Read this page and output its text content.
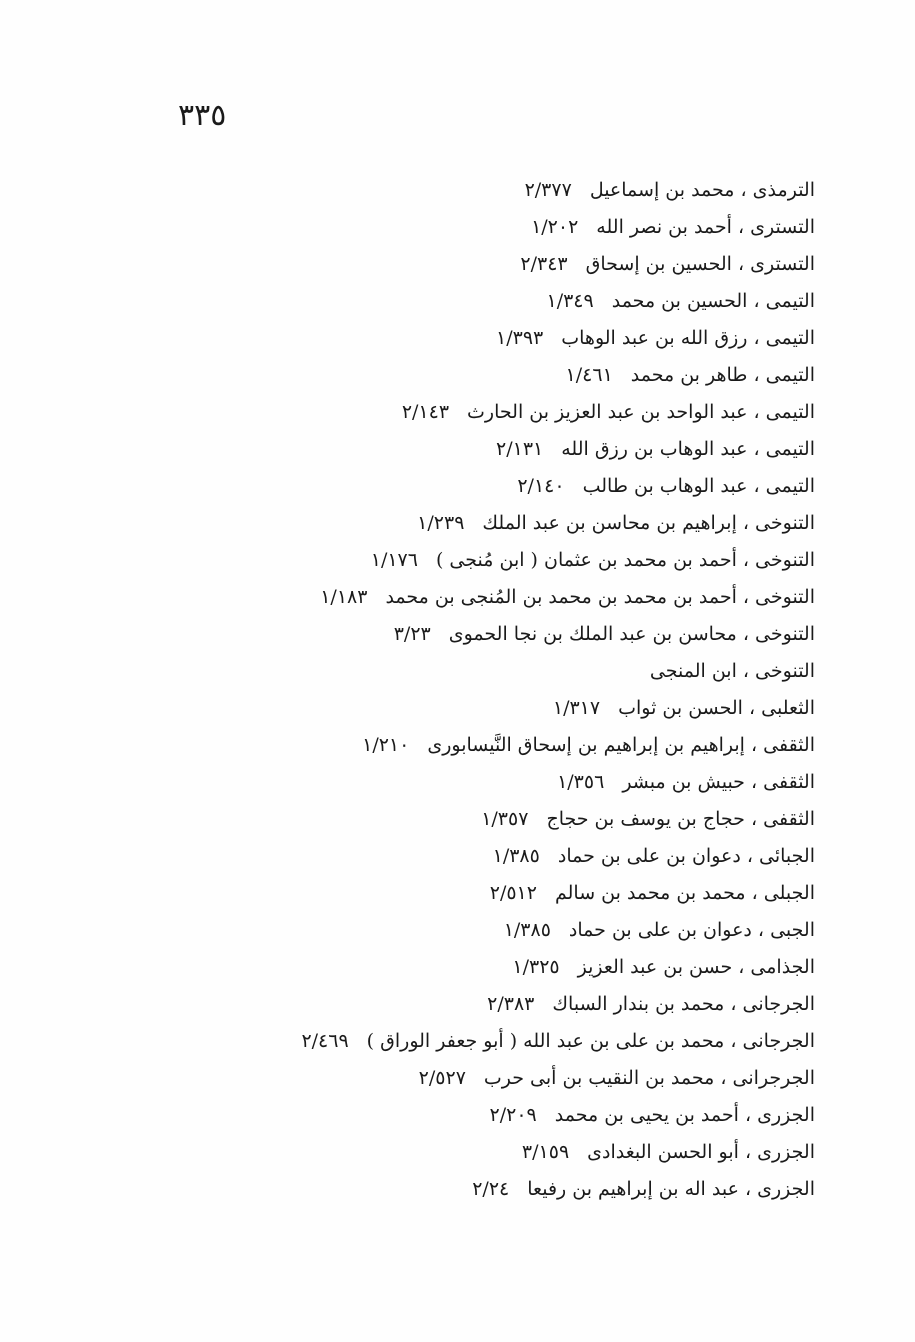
٣٣٥
الترمذى ، محمد بن إسماعيل٢/٣٧٧
التسترى ، أحمد بن نصر الله١/٢٠٢
التسترى ، الحسين بن إسحاق٢/٣٤٣
التيمى ، الحسين بن محمد١/٣٤٩
التيمى ، رزق الله بن عبد الوهاب١/٣٩٣
التيمى ، طاهر بن محمد١/٤٦١
التيمى ، عبد الواحد بن عبد العزيز بن الحارث٢/١٤٣
التيمى ، عبد الوهاب بن رزق الله٢/١٣١
التيمى ، عبد الوهاب بن طالب٢/١٤٠
التنوخى ، إبراهيم بن محاسن بن عبد الملك١/٢٣٩
التنوخى ، أحمد بن محمد بن عثمان ( ابن مُنجى )١/١٧٦
التنوخى ، أحمد بن محمد بن محمد بن المُنجى بن محمد١/١٨٣
التنوخى ، محاسن بن عبد الملك بن نجا الحموى٣/٢٣
التنوخى ، ابن المنجى
الثعلبى ، الحسن بن ثواب١/٣١٧
الثقفى ، إبراهيم بن إبراهيم بن إسحاق النَّيسابورى١/٢١٠
الثقفى ، حبيش بن مبشر١/٣٥٦
الثقفى ، حجاج بن يوسف بن حجاج١/٣٥٧
الجبائى ، دعوان بن على بن حماد١/٣٨٥
الجبلى ، محمد بن محمد بن سالم٢/٥١٢
الجبى ، دعوان بن على بن حماد١/٣٨٥
الجذامى ، حسن بن عبد العزيز١/٣٢٥
الجرجانى ، محمد بن بندار السباك٢/٣٨٣
الجرجانى ، محمد بن على بن عبد الله ( أبو جعفر الوراق )٢/٤٦٩
الجرجرانى ، محمد بن النقيب بن أبى حرب٢/٥٢٧
الجزرى ، أحمد بن يحيى بن محمد٢/٢٠٩
الجزرى ، أبو الحسن البغدادى٣/١٥٩
الجزرى ، عبد اله بن إبراهيم بن رفيعا٢/٢٤
